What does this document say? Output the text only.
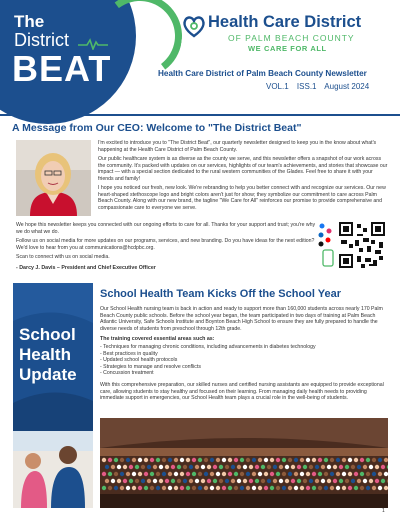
The
District
BEAT
Health Care District
OF PALM BEACH COUNTY
WE CARE FOR ALL
Health Care District of Palm Beach County Newsletter
VOL.1 ISS.1 August 2024
A Message from Our CEO: Welcome to "The District Beat"

I'm excited to introduce you to "The District Beat", our quarterly newsletter designed to keep you in the know about what's happening at the Health Care District of Palm Beach County.

Our public healthcare system is as diverse as the county we serve, and this newsletter offers a snapshot of our work across the community. It's packed with updates on our services, highlights of our team's achievements, and stories that showcase our impact — with a special section dedicated to the rural western communities of the Glades. Feel free to share it with your friends and family!

I hope you noticed our fresh, new look. We're rebranding to help you better connect with and recognize our services. Our new heart-shaped stethoscope logo and bright colors aren't just for show; they symbolize our commitment to care across Palm Beach County. Along with our new brand, the tagline "We Care for All" reinforces our promise to provide comprehensive and compassionate care to everyone we serve.

We hope this newsletter keeps you connected with our ongoing efforts to care for all. Thanks for your support and trust; you're why we do what we do.

Follow us on social media for more updates on our programs, services, and new branding. Do you have ideas for the next edition? We'd love to hear from you at communications@hcdpbc.org.

Scan to connect with us on social media.

- Darcy J. Davis – President and Chief Executive Officer
School
Health
Update
School Health Team Kicks Off the School Year

Our School Health nursing team is back in action and ready to support more than 160,000 students across nearly 170 Palm Beach County public schools. Before the school year began, the team participated in two days of training at Palm Beach Atlantic University, Safe Schools Institute and Boynton Beach High School to ensure they are fully prepared to handle the diverse needs of students from preschool through 12th grade.

The training covered essential areas such as:
- Techniques for managing chronic conditions, including advancements in diabetes technology
- Best practices in quality
- Updated school health protocols
- Strategies to manage and resolve conflicts
- Concussion treatment

With this comprehensive preparation, our skilled nurses and certified nursing assistants are equipped to provide exceptional care, allowing students to stay healthy and focused on their learning. From managing daily health needs to providing immediate support in emergencies, our School Health team plays a crucial role in the well-being of students.

1
